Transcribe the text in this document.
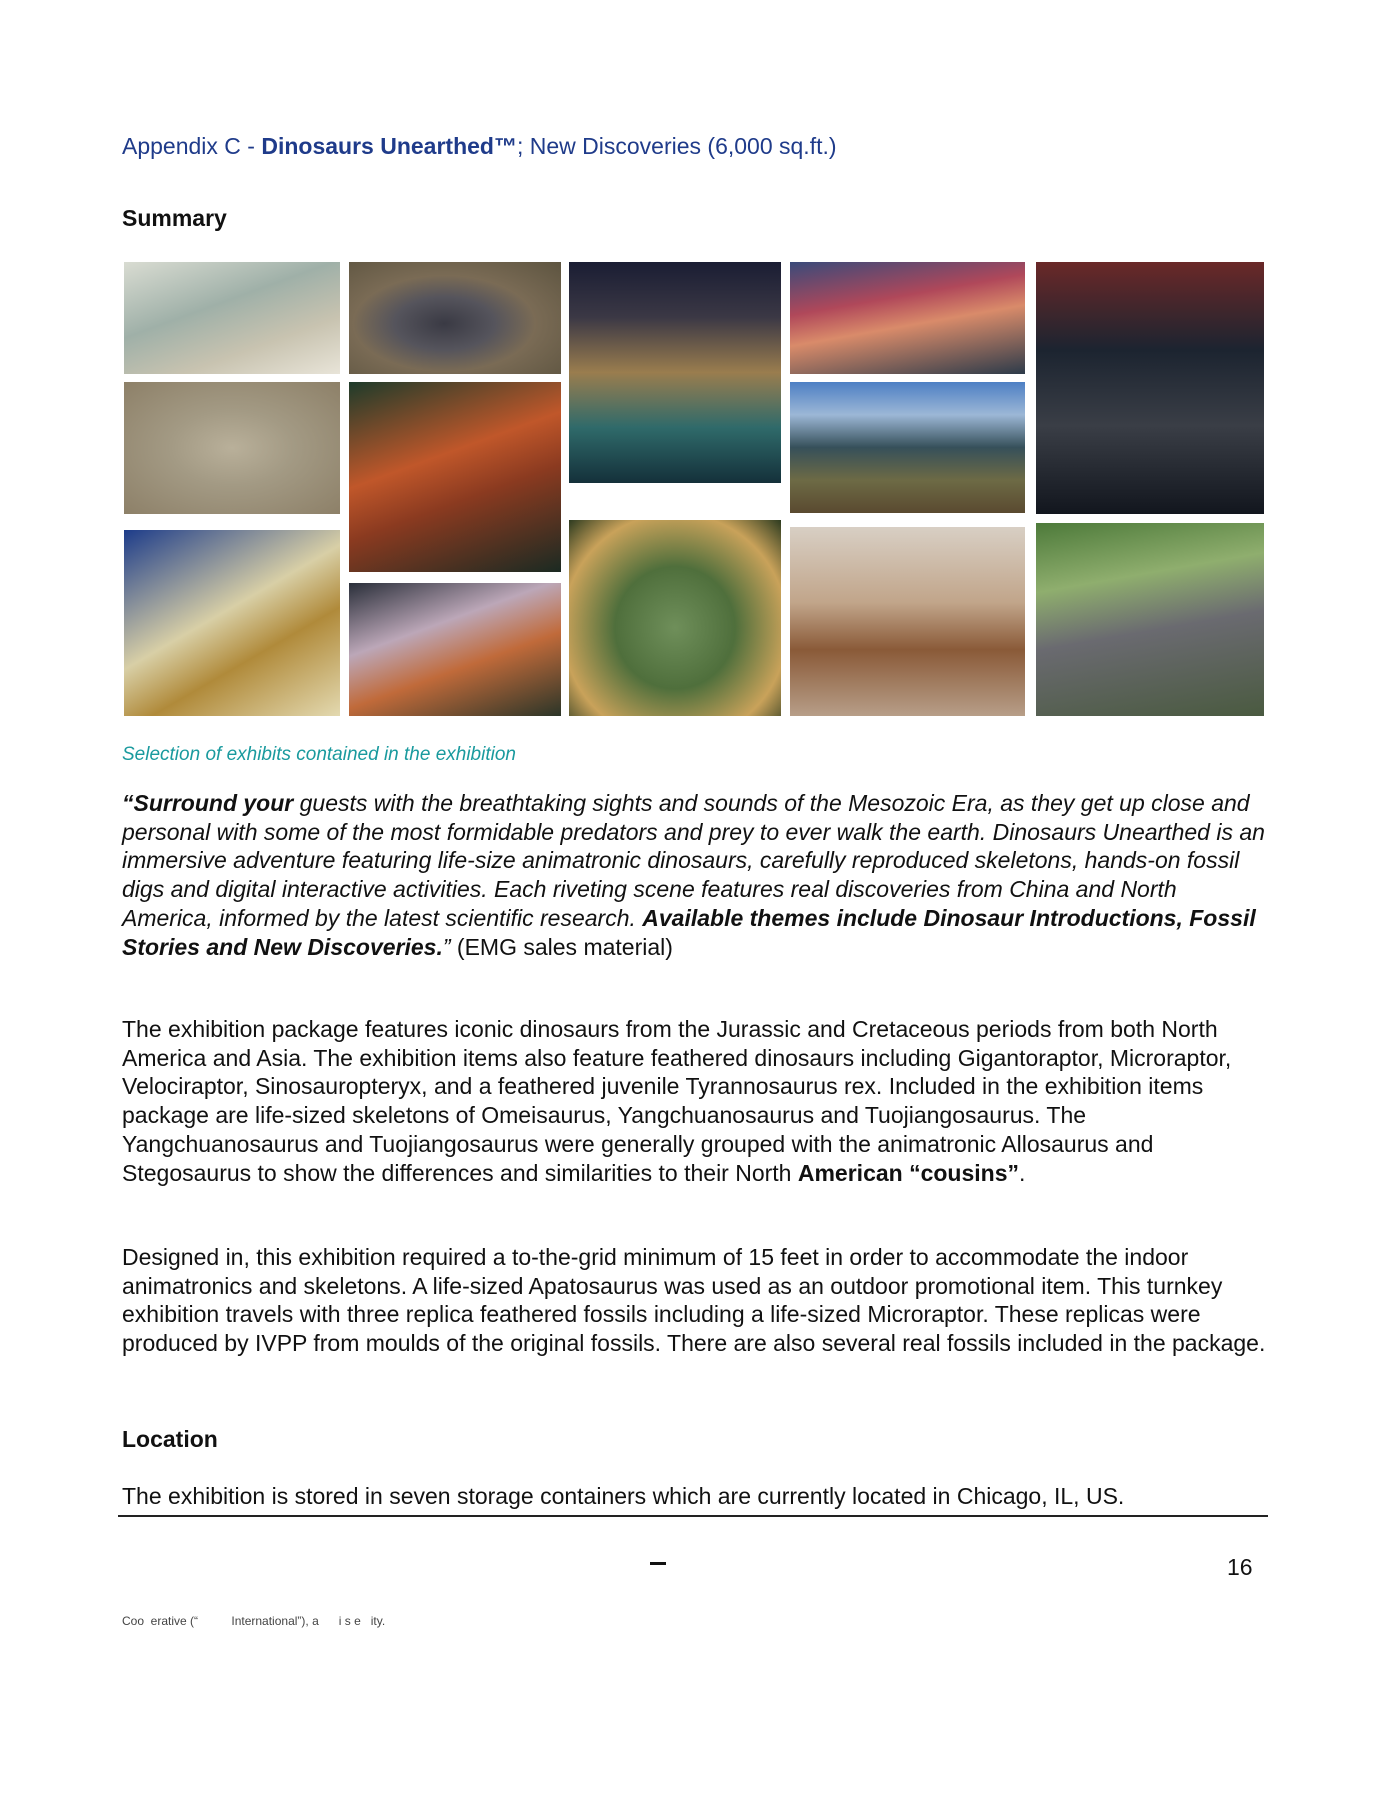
Appendix C - Dinosaurs Unearthed™; New Discoveries (6,000 sq.ft.)
Summary
Selection of exhibits contained in the exhibition

“Surround your guests with the breathtaking sights and sounds of the Mesozoic Era, as they get up close and personal with some of the most formidable predators and prey to ever walk the earth. Dinosaurs Unearthed is an immersive adventure featuring life-size animatronic dinosaurs, carefully reproduced skeletons, hands-on fossil digs and digital interactive activities. Each riveting scene features real discoveries from China and North America, informed by the latest scientific research. Available themes include Dinosaur Introductions, Fossil Stories and New Discoveries.” (EMG sales material)

The exhibition package features iconic dinosaurs from the Jurassic and Cretaceous periods from both North America and Asia. The exhibition items also feature feathered dinosaurs including Gigantoraptor, Microraptor, Velociraptor, Sinosauropteryx, and a feathered juvenile Tyrannosaurus rex. Included in the exhibition items package are life-sized skeletons of Omeisaurus, Yangchuanosaurus and Tuojiangosaurus. The Yangchuanosaurus and Tuojiangosaurus were generally grouped with the animatronic Allosaurus and Stegosaurus to show the differences and similarities to their North American “cousins”.

Designed in, this exhibition required a to-the-grid minimum of 15 feet in order to accommodate the indoor animatronics and skeletons. A life-sized Apatosaurus was used as an outdoor promotional item. This turnkey exhibition travels with three replica feathered fossils including a life-sized Microraptor. These replicas were produced by IVPP from moulds of the original fossils. There are also several real fossils included in the package.

Location

The exhibition is stored in seven storage containers which are currently located in Chicago, IL, US.

16
Coo  erative (“          International”), a      i s e   ity.
